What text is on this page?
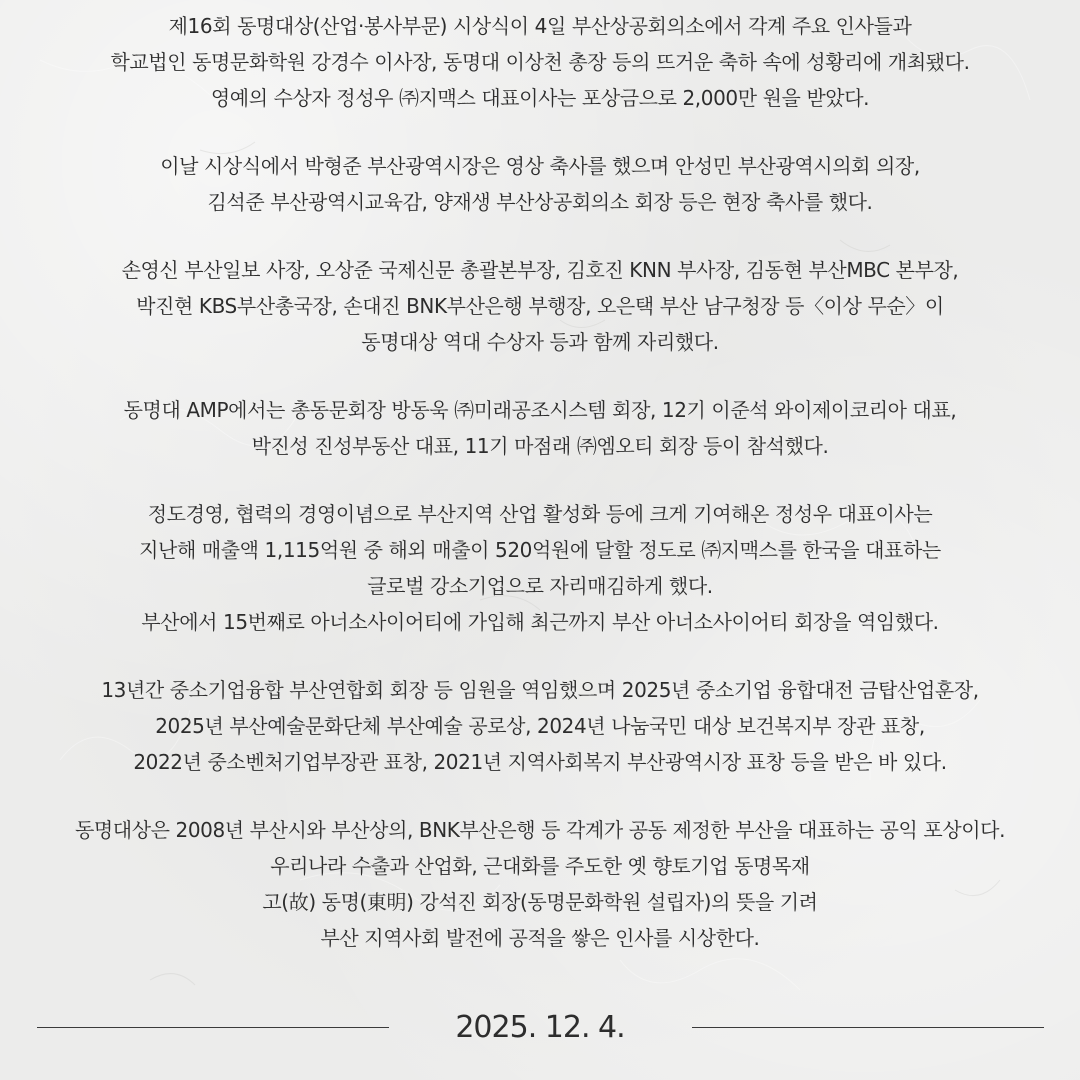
제16회 동명대상(산업·봉사부문) 시상식이 4일 부산상공회의소에서 각계 주요 인사들과
학교법인 동명문화학원 강경수 이사장, 동명대 이상천 총장 등의 뜨거운 축하 속에 성황리에 개최됐다.
영예의 수상자 정성우 ㈜지맥스 대표이사는 포상금으로 2,000만 원을 받았다.
이날 시상식에서 박형준 부산광역시장은 영상 축사를 했으며 안성민 부산광역시의회 의장,
김석준 부산광역시교육감, 양재생 부산상공회의소 회장 등은 현장 축사를 했다.
손영신 부산일보 사장, 오상준 국제신문 총괄본부장, 김호진 KNN 부사장, 김동현 부산MBC 본부장,
박진현 KBS부산총국장, 손대진 BNK부산은행 부행장, 오은택 부산 남구청장 등〈이상 무순〉이
동명대상 역대 수상자 등과 함께 자리했다.
동명대 AMP에서는 총동문회장 방동욱 ㈜미래공조시스템 회장, 12기 이준석 와이제이코리아 대표,
박진성 진성부동산 대표, 11기 마점래 ㈜엠오티 회장 등이 참석했다.
정도경영, 협력의 경영이념으로 부산지역 산업 활성화 등에 크게 기여해온 정성우 대표이사는
지난해 매출액 1,115억원 중 해외 매출이 520억원에 달할 정도로 ㈜지맥스를 한국을 대표하는
글로벌 강소기업으로 자리매김하게 했다.
부산에서 15번째로 아너소사이어티에 가입해 최근까지 부산 아너소사이어티 회장을 역임했다.
13년간 중소기업융합 부산연합회 회장 등 임원을 역임했으며 2025년 중소기업 융합대전 금탑산업훈장,
2025년 부산예술문화단체 부산예술 공로상, 2024년 나눔국민 대상 보건복지부 장관 표창,
2022년 중소벤처기업부장관 표창, 2021년 지역사회복지 부산광역시장 표창 등을 받은 바 있다.
동명대상은 2008년 부산시와 부산상의, BNK부산은행 등 각계가 공동 제정한 부산을 대표하는 공익 포상이다.
우리나라 수출과 산업화, 근대화를 주도한 옛 향토기업 동명목재
고(故) 동명(東明) 강석진 회장(동명문화학원 설립자)의 뜻을 기려
부산 지역사회 발전에 공적을 쌓은 인사를 시상한다.
2025. 12. 4.
